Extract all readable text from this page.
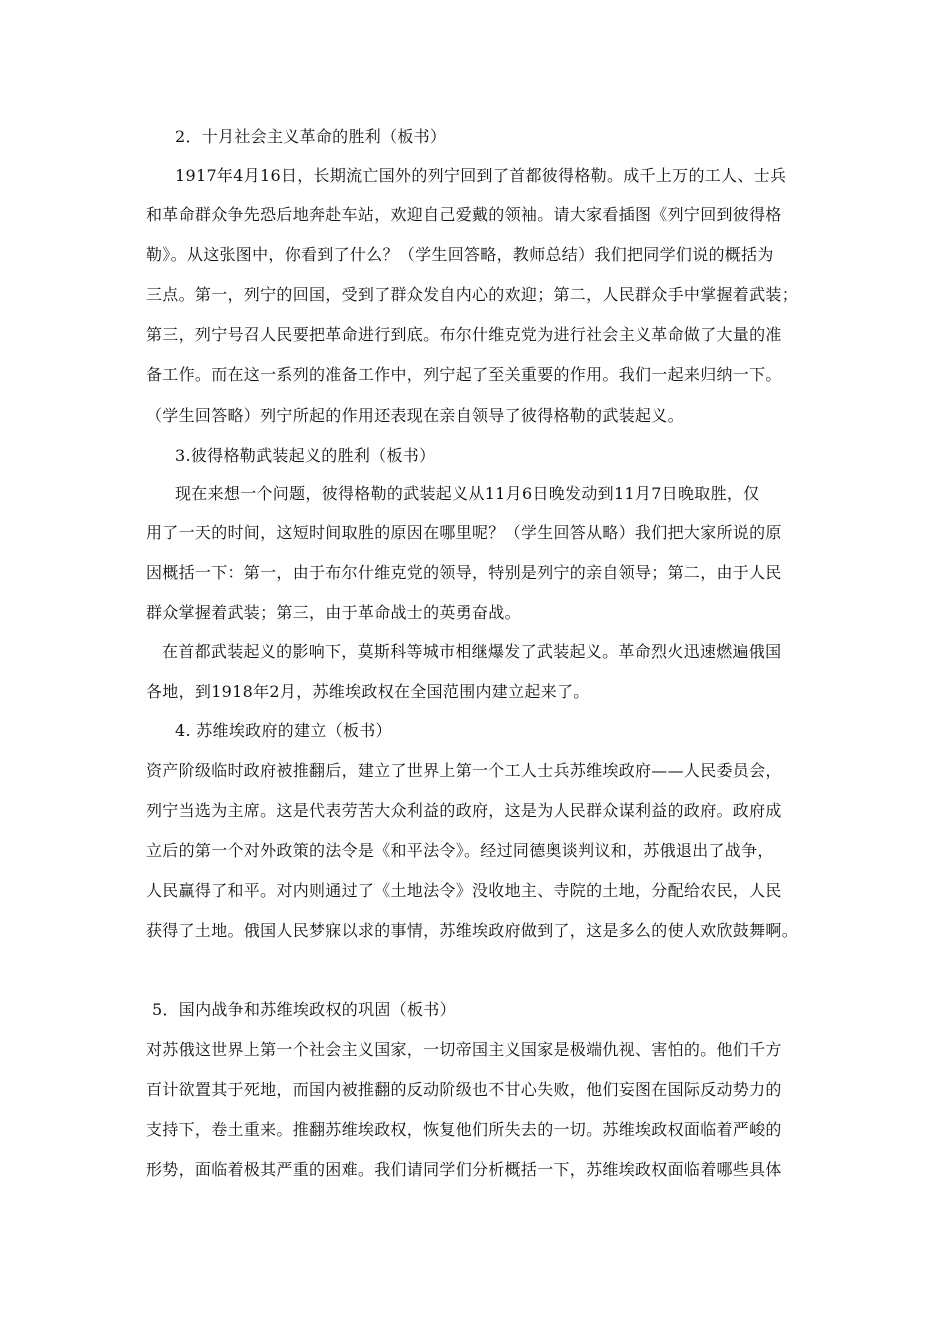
2．十月社会主义革命的胜利（板书）
1917年4月16日，长期流亡国外的列宁回到了首都彼得格勒。成千上万的工人、士兵
和革命群众争先恐后地奔赴车站，欢迎自己爱戴的领袖。请大家看插图《列宁回到彼得格
勒》。从这张图中，你看到了什么？（学生回答略，教师总结）我们把同学们说的概括为
三点。第一，列宁的回国，受到了群众发自内心的欢迎；第二，人民群众手中掌握着武装；
第三，列宁号召人民要把革命进行到底。布尔什维克党为进行社会主义革命做了大量的准
备工作。而在这一系列的准备工作中，列宁起了至关重要的作用。我们一起来归纳一下。
（学生回答略）列宁所起的作用还表现在亲自领导了彼得格勒的武装起义。
3.彼得格勒武装起义的胜利（板书）
现在来想一个问题，彼得格勒的武装起义从11月6日晚发动到11月7日晚取胜，仅
用了一天的时间，这短时间取胜的原因在哪里呢？（学生回答从略）我们把大家所说的原
因概括一下：第一，由于布尔什维克党的领导，特别是列宁的亲自领导；第二，由于人民
群众掌握着武装；第三，由于革命战士的英勇奋战。
在首都武装起义的影响下，莫斯科等城市相继爆发了武装起义。革命烈火迅速燃遍俄国
各地，到1918年2月，苏维埃政权在全国范围内建立起来了。
4. 苏维埃政府的建立（板书）
资产阶级临时政府被推翻后，建立了世界上第一个工人士兵苏维埃政府——人民委员会，
列宁当选为主席。这是代表劳苦大众利益的政府，这是为人民群众谋利益的政府。政府成
立后的第一个对外政策的法令是《和平法令》。经过同德奥谈判议和，苏俄退出了战争，
人民赢得了和平。对内则通过了《土地法令》没收地主、寺院的土地，分配给农民，人民
获得了土地。俄国人民梦寐以求的事情，苏维埃政府做到了，这是多么的使人欢欣鼓舞啊。
5．国内战争和苏维埃政权的巩固（板书）
对苏俄这世界上第一个社会主义国家，一切帝国主义国家是极端仇视、害怕的。他们千方
百计欲置其于死地，而国内被推翻的反动阶级也不甘心失败，他们妄图在国际反动势力的
支持下，卷土重来。推翻苏维埃政权，恢复他们所失去的一切。苏维埃政权面临着严峻的
形势，面临着极其严重的困难。我们请同学们分析概括一下，苏维埃政权面临着哪些具体
